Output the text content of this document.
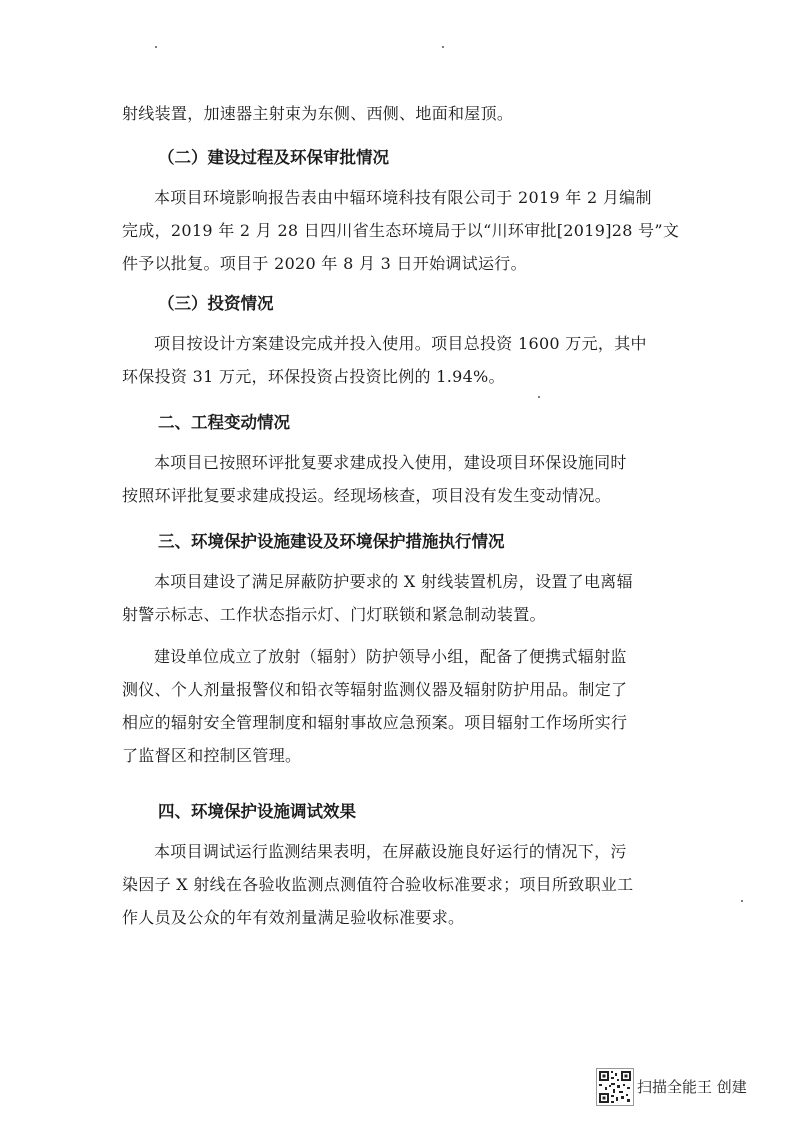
射线装置，加速器主射束为东侧、西侧、地面和屋顶。

（二）建设过程及环保审批情况

本项目环境影响报告表由中辐环境科技有限公司于 2019 年 2 月编制
完成，2019 年 2 月 28 日四川省生态环境局于以“川环审批[2019]28 号”文
件予以批复。项目于 2020 年 8 月 3 日开始调试运行。

（三）投资情况

项目按设计方案建设完成并投入使用。项目总投资 1600 万元，其中
环保投资 31 万元，环保投资占投资比例的 1.94%。

二、工程变动情况

本项目已按照环评批复要求建成投入使用，建设项目环保设施同时
按照环评批复要求建成投运。经现场核查，项目没有发生变动情况。

三、环境保护设施建设及环境保护措施执行情况

本项目建设了满足屏蔽防护要求的 X 射线装置机房，设置了电离辐
射警示标志、工作状态指示灯、门灯联锁和紧急制动装置。

建设单位成立了放射（辐射）防护领导小组，配备了便携式辐射监
测仪、个人剂量报警仪和铅衣等辐射监测仪器及辐射防护用品。制定了
相应的辐射安全管理制度和辐射事故应急预案。项目辐射工作场所实行
了监督区和控制区管理。

四、环境保护设施调试效果

本项目调试运行监测结果表明，在屏蔽设施良好运行的情况下，污
染因子 X 射线在各验收监测点测值符合验收标准要求；项目所致职业工
作人员及公众的年有效剂量满足验收标准要求。

扫描全能王 创建
